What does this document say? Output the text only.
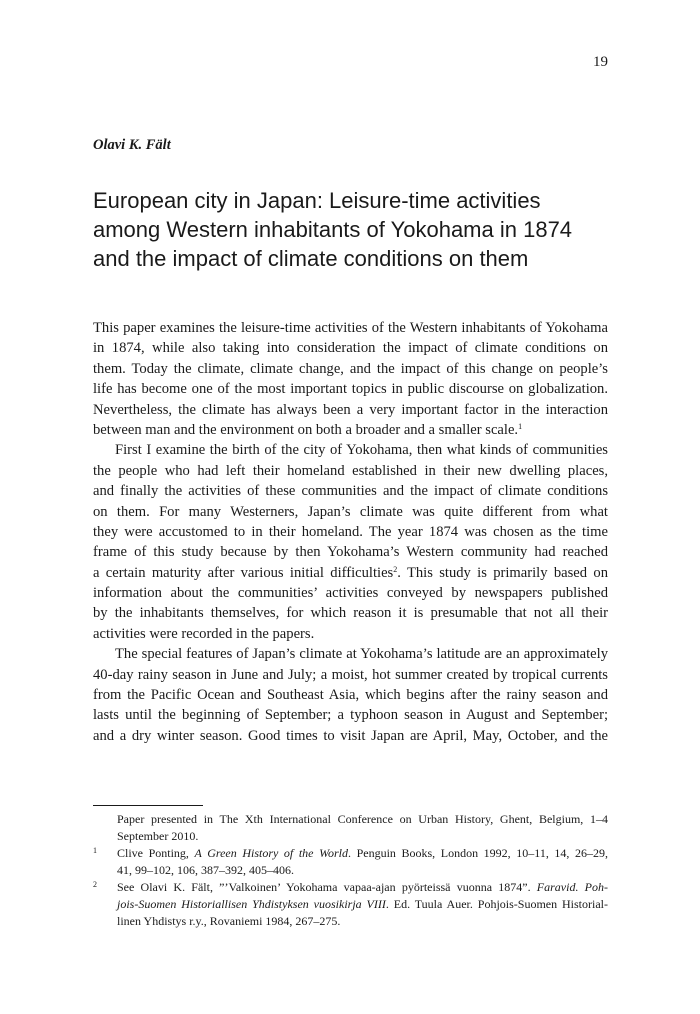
19
Olavi K. Fält
European city in Japan: Leisure-time activities
among Western inhabitants of Yokohama in 1874
and the impact of climate conditions on them
This paper examines the leisure-time activities of the Western inhabitants of Yokohama
in 1874, while also taking into consideration the impact of climate conditions on
them. Today the climate, climate change, and the impact of this change on people’s
life has become one of the most important topics in public discourse on globalization.
Nevertheless, the climate has always been a very important factor in the interaction
between man and the environment on both a broader and a smaller scale.$^1$
First I examine the birth of the city of Yokohama, then what kinds of communities
the people who had left their homeland established in their new dwelling places,
and finally the activities of these communities and the impact of climate conditions
on them. For many Westerners, Japan’s climate was quite different from what
they were accustomed to in their homeland. The year 1874 was chosen as the time
frame of this study because by then Yokohama’s Western community had reached
a certain maturity after various initial difficulties$^2$. This study is primarily based on
information about the communities’ activities conveyed by newspapers published
by the inhabitants themselves, for which reason it is presumable that not all their
activities were recorded in the papers.
The special features of Japan’s climate at Yokohama’s latitude are an approximately
40-day rainy season in June and July; a moist, hot summer created by tropical currents
from the Pacific Ocean and Southeast Asia, which begins after the rainy season and
lasts until the beginning of September; a typhoon season in August and September;
and a dry winter season. Good times to visit Japan are April, May, October, and the
Paper presented in The Xth International Conference on Urban History, Ghent, Belgium, 1–4
September 2010.
1 Clive Ponting, A Green History of the World. Penguin Books, London 1992, 10–11, 14, 26–29,
41, 99–102, 106, 387–392, 405–406.
2 See Olavi K. Fält, ”’Valkoinen’ Yokohama vapaa-ajan pyörteissä vuonna 1874”. Faravid. Poh-
jois-Suomen Historiallisen Yhdistyksen vuosikirja VIII. Ed. Tuula Auer. Pohjois-Suomen Historial-
linen Yhdistys r.y., Rovaniemi 1984, 267–275.
